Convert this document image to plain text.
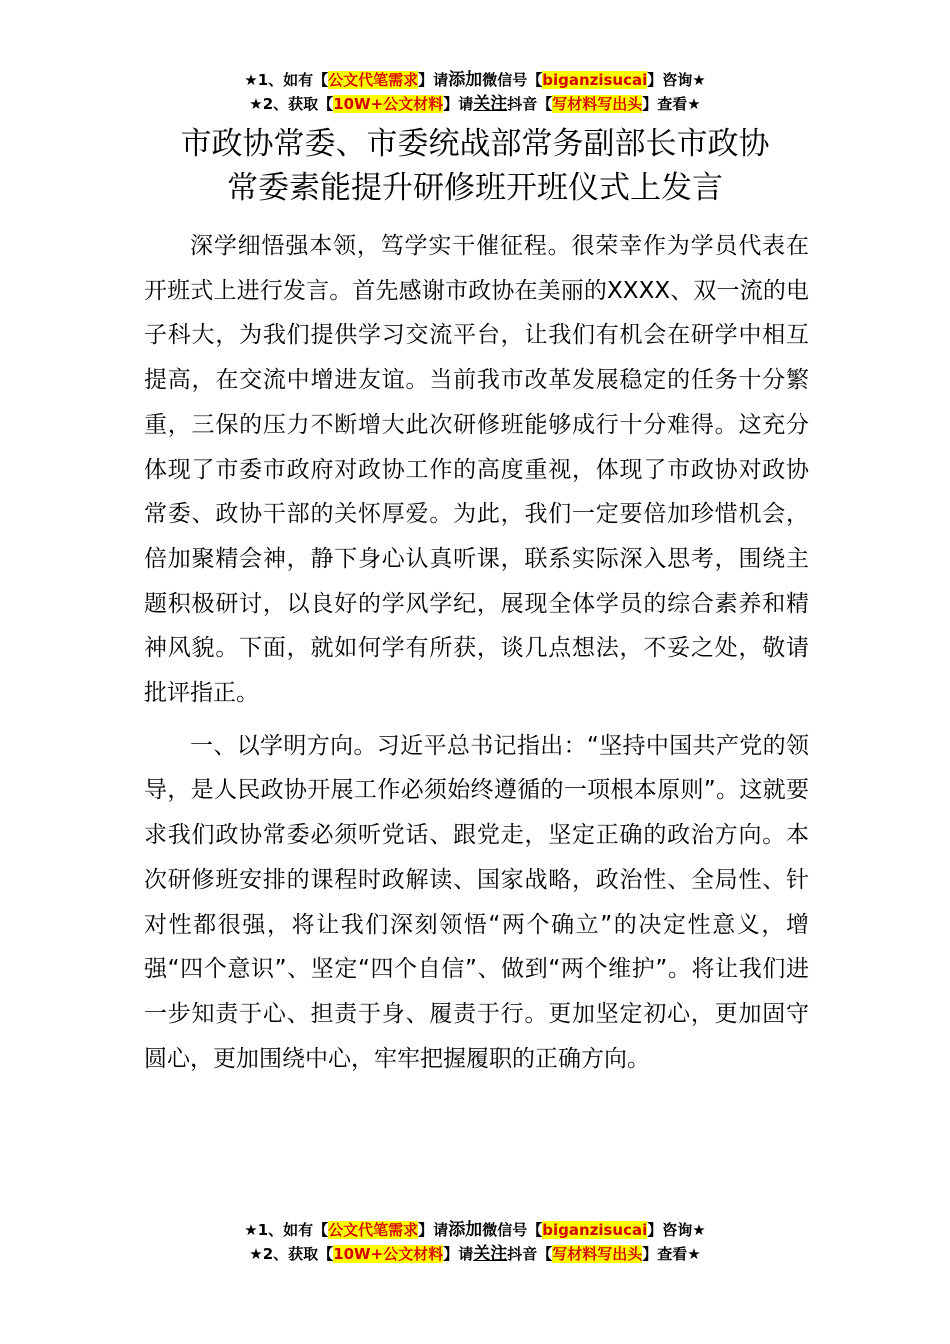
★1、如有【公文代笔需求】请添加微信号【biganzisucai】咨询★
★2、获取【10W+公文材料】请关注抖音【写材料写出头】查看★
市政协常委、市委统战部常务副部长市政协
常委素能提升研修班开班仪式上发言

深学细悟强本领，笃学实干催征程。很荣幸作为学员代表在开班式上进行发言。首先感谢市政协在美丽的XXXX、双一流的电子科大，为我们提供学习交流平台，让我们有机会在研学中相互提高，在交流中增进友谊。当前我市改革发展稳定的任务十分繁重，三保的压力不断增大此次研修班能够成行十分难得。这充分体现了市委市政府对政协工作的高度重视，体现了市政协对政协常委、政协干部的关怀厚爱。为此，我们一定要倍加珍惜机会，倍加聚精会神，静下身心认真听课，联系实际深入思考，围绕主题积极研讨，以良好的学风学纪，展现全体学员的综合素养和精神风貌。下面，就如何学有所获，谈几点想法，不妥之处，敬请批评指正。

一、以学明方向。习近平总书记指出：“坚持中国共产党的领导，是人民政协开展工作必须始终遵循的一项根本原则”。这就要求我们政协常委必须听党话、跟党走，坚定正确的政治方向。本次研修班安排的课程时政解读、国家战略，政治性、全局性、针对性都很强，将让我们深刻领悟“两个确立”的决定性意义，增强“四个意识”、坚定“四个自信”、做到“两个维护”。将让我们进一步知责于心、担责于身、履责于行。更加坚定初心，更加固守圆心，更加围绕中心，牢牢把握履职的正确方向。

★1、如有【公文代笔需求】请添加微信号【biganzisucai】咨询★
★2、获取【10W+公文材料】请关注抖音【写材料写出头】查看★
